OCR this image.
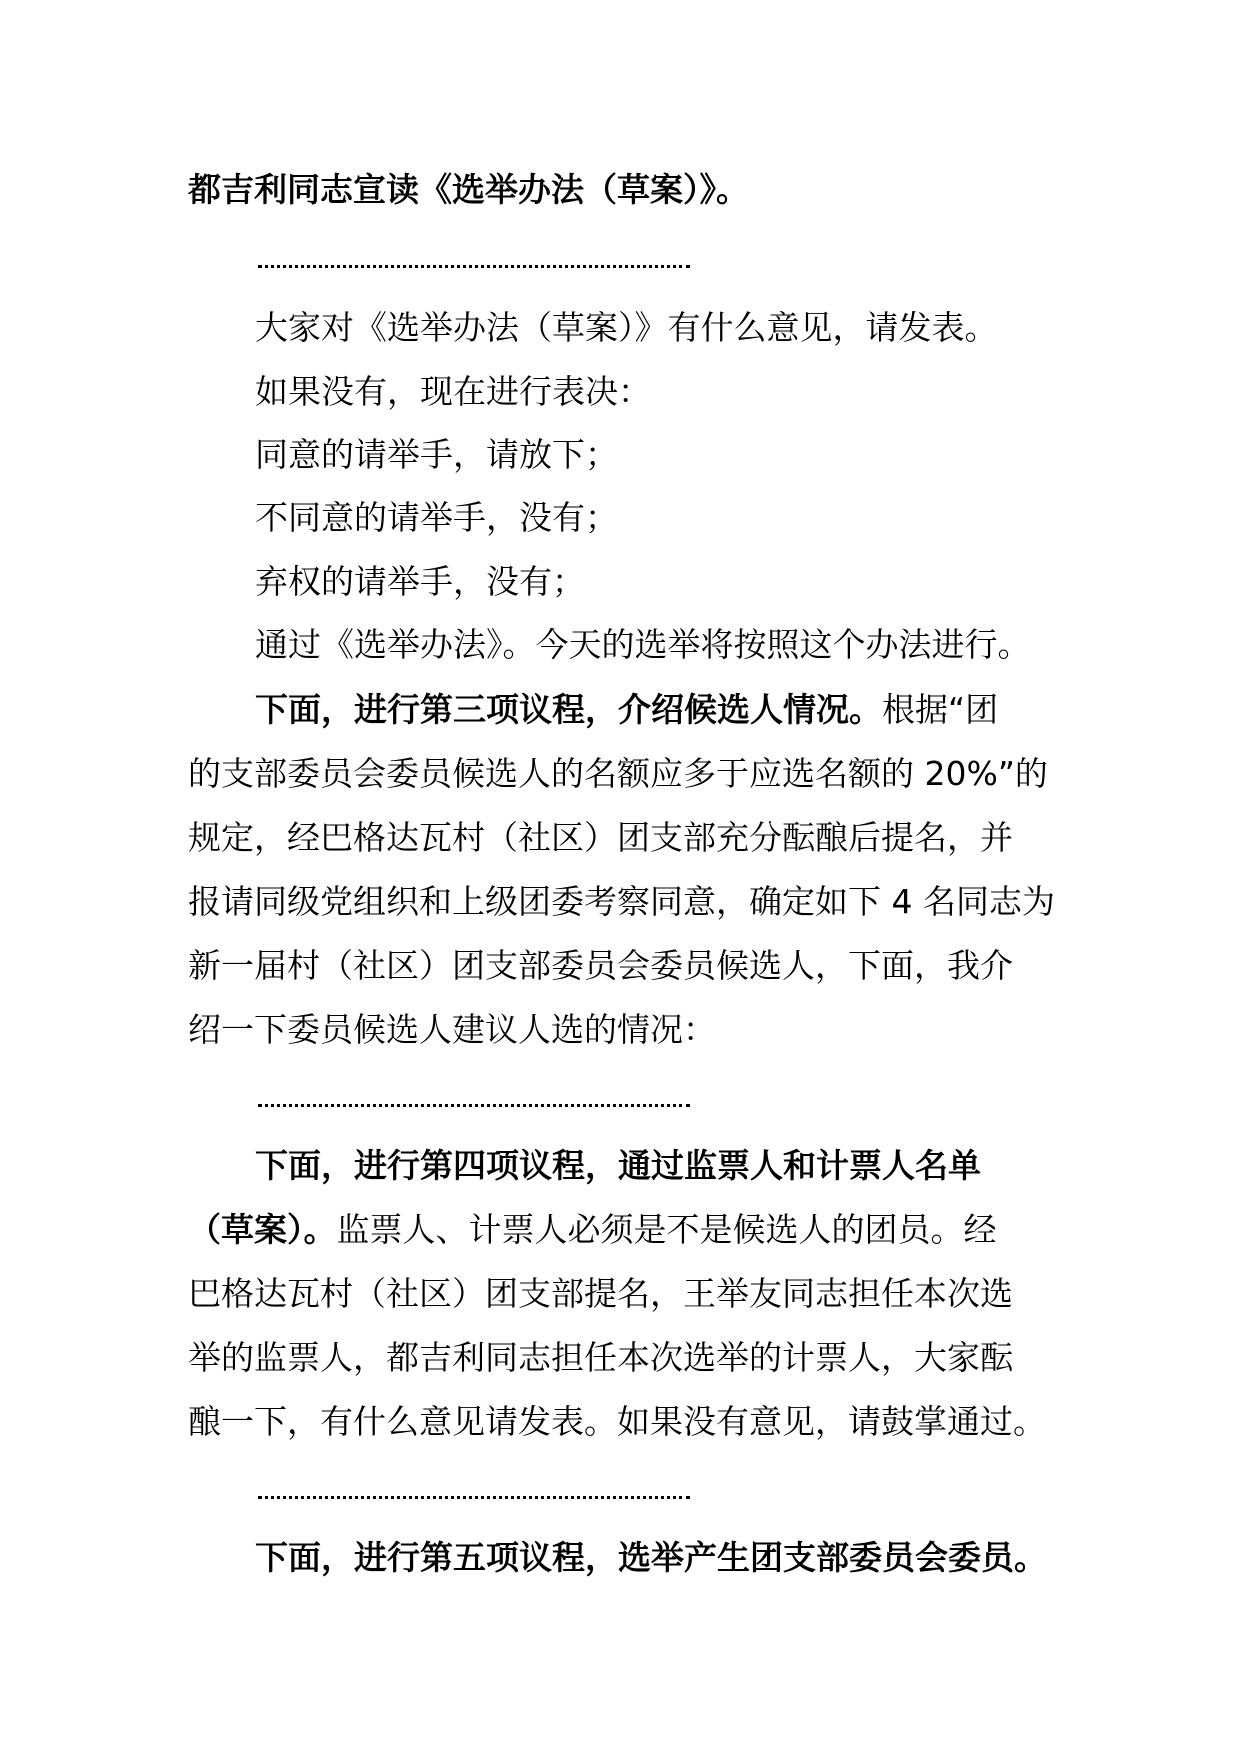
都吉利同志宣读《选举办法（草案）》。
大家对《选举办法（草案）》有什么意见，请发表。
如果没有，现在进行表决：
同意的请举手，请放下；
不同意的请举手，没有；
弃权的请举手，没有；
通过《选举办法》。今天的选举将按照这个办法进行。
下面，进行第三项议程，介绍候选人情况。根据“团
的支部委员会委员候选人的名额应多于应选名额的 20%”的
规定，经巴格达瓦村（社区）团支部充分酝酿后提名，并
报请同级党组织和上级团委考察同意，确定如下 4 名同志为
新一届村（社区）团支部委员会委员候选人，下面，我介
绍一下委员候选人建议人选的情况：
下面，进行第四项议程，通过监票人和计票人名单
（草案）。监票人、计票人必须是不是候选人的团员。经
巴格达瓦村（社区）团支部提名，王举友同志担任本次选
举的监票人，都吉利同志担任本次选举的计票人，大家酝
酿一下，有什么意见请发表。如果没有意见，请鼓掌通过。
下面，进行第五项议程，选举产生团支部委员会委员。
